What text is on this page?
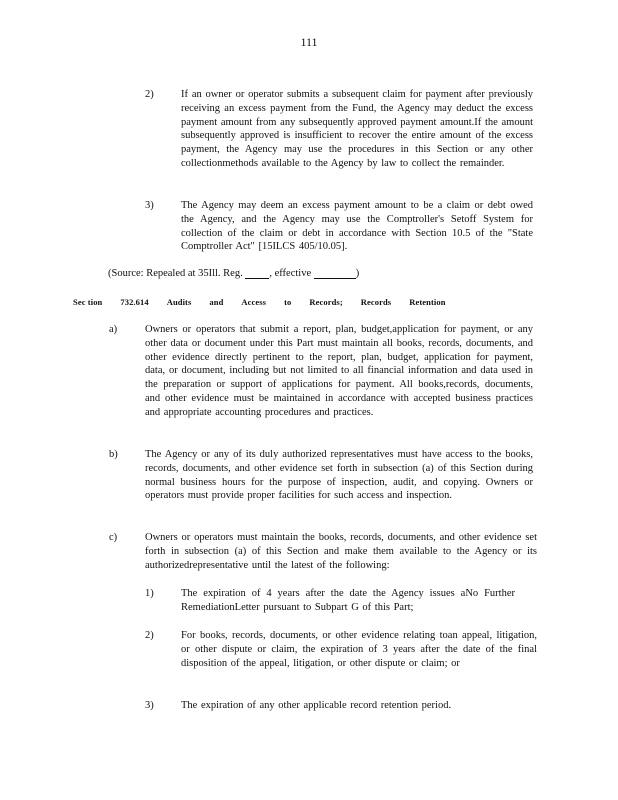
111
2)	If an owner or operator submits a subsequent claim for payment after previously receiving an excess payment from the Fund, the Agency may deduct the excess payment amount from any subsequently approved payment amount.If the amount subsequently approved is insufficient to recover the entire amount of the excess payment, the Agency may use the procedures in this Section or any other collectionmethods available to the Agency by law to collect the remainder.
3)	The Agency may deem an excess payment amount to be a claim or debt owed the Agency, and the Agency may use the Comptroller's Setoff System for collection of the claim or debt in accordance with Section 10.5 of the "State Comptroller Act" [15ILCS 405/10.05].
(Source: Repealed at 35Ill. Reg.	, effective	)
Sec tion 732.614 Audits and Access to Records; Records Retention
a)	Owners or operators that submit a report, plan, budget,application for payment, or any other data or document under this Part must maintain all books, records, documents, and other evidence directly pertinent to the report, plan, budget, application for payment, data, or document, including but not limited to all financial information and data used in the preparation or support of applications for payment. All books,records, documents, and other evidence must be maintained in accordance with accepted business practices and appropriate accounting procedures and practices.
b)	The Agency or any of its duly authorized representatives must have access to the books, records, documents, and other evidence set forth in subsection (a) of this Section during normal business hours for the purpose of inspection, audit, and copying. Owners or operators must provide proper facilities for such access and inspection.
c)	Owners or operators must maintain the books, records, documents, and other evidence set forth in subsection (a) of this Section and make them available to the Agency or its authorizedrepresentative until the latest of the following:
1)	The expiration of 4 years after the date the Agency issues aNo Further RemediationLetter pursuant to Subpart G of this Part;
2)	For books, records, documents, or other evidence relating toan appeal, litigation, or other dispute or claim, the expiration of 3 years after the date of the final disposition of the appeal, litigation, or other dispute or claim; or
3)	The expiration of any other applicable record retention period.
